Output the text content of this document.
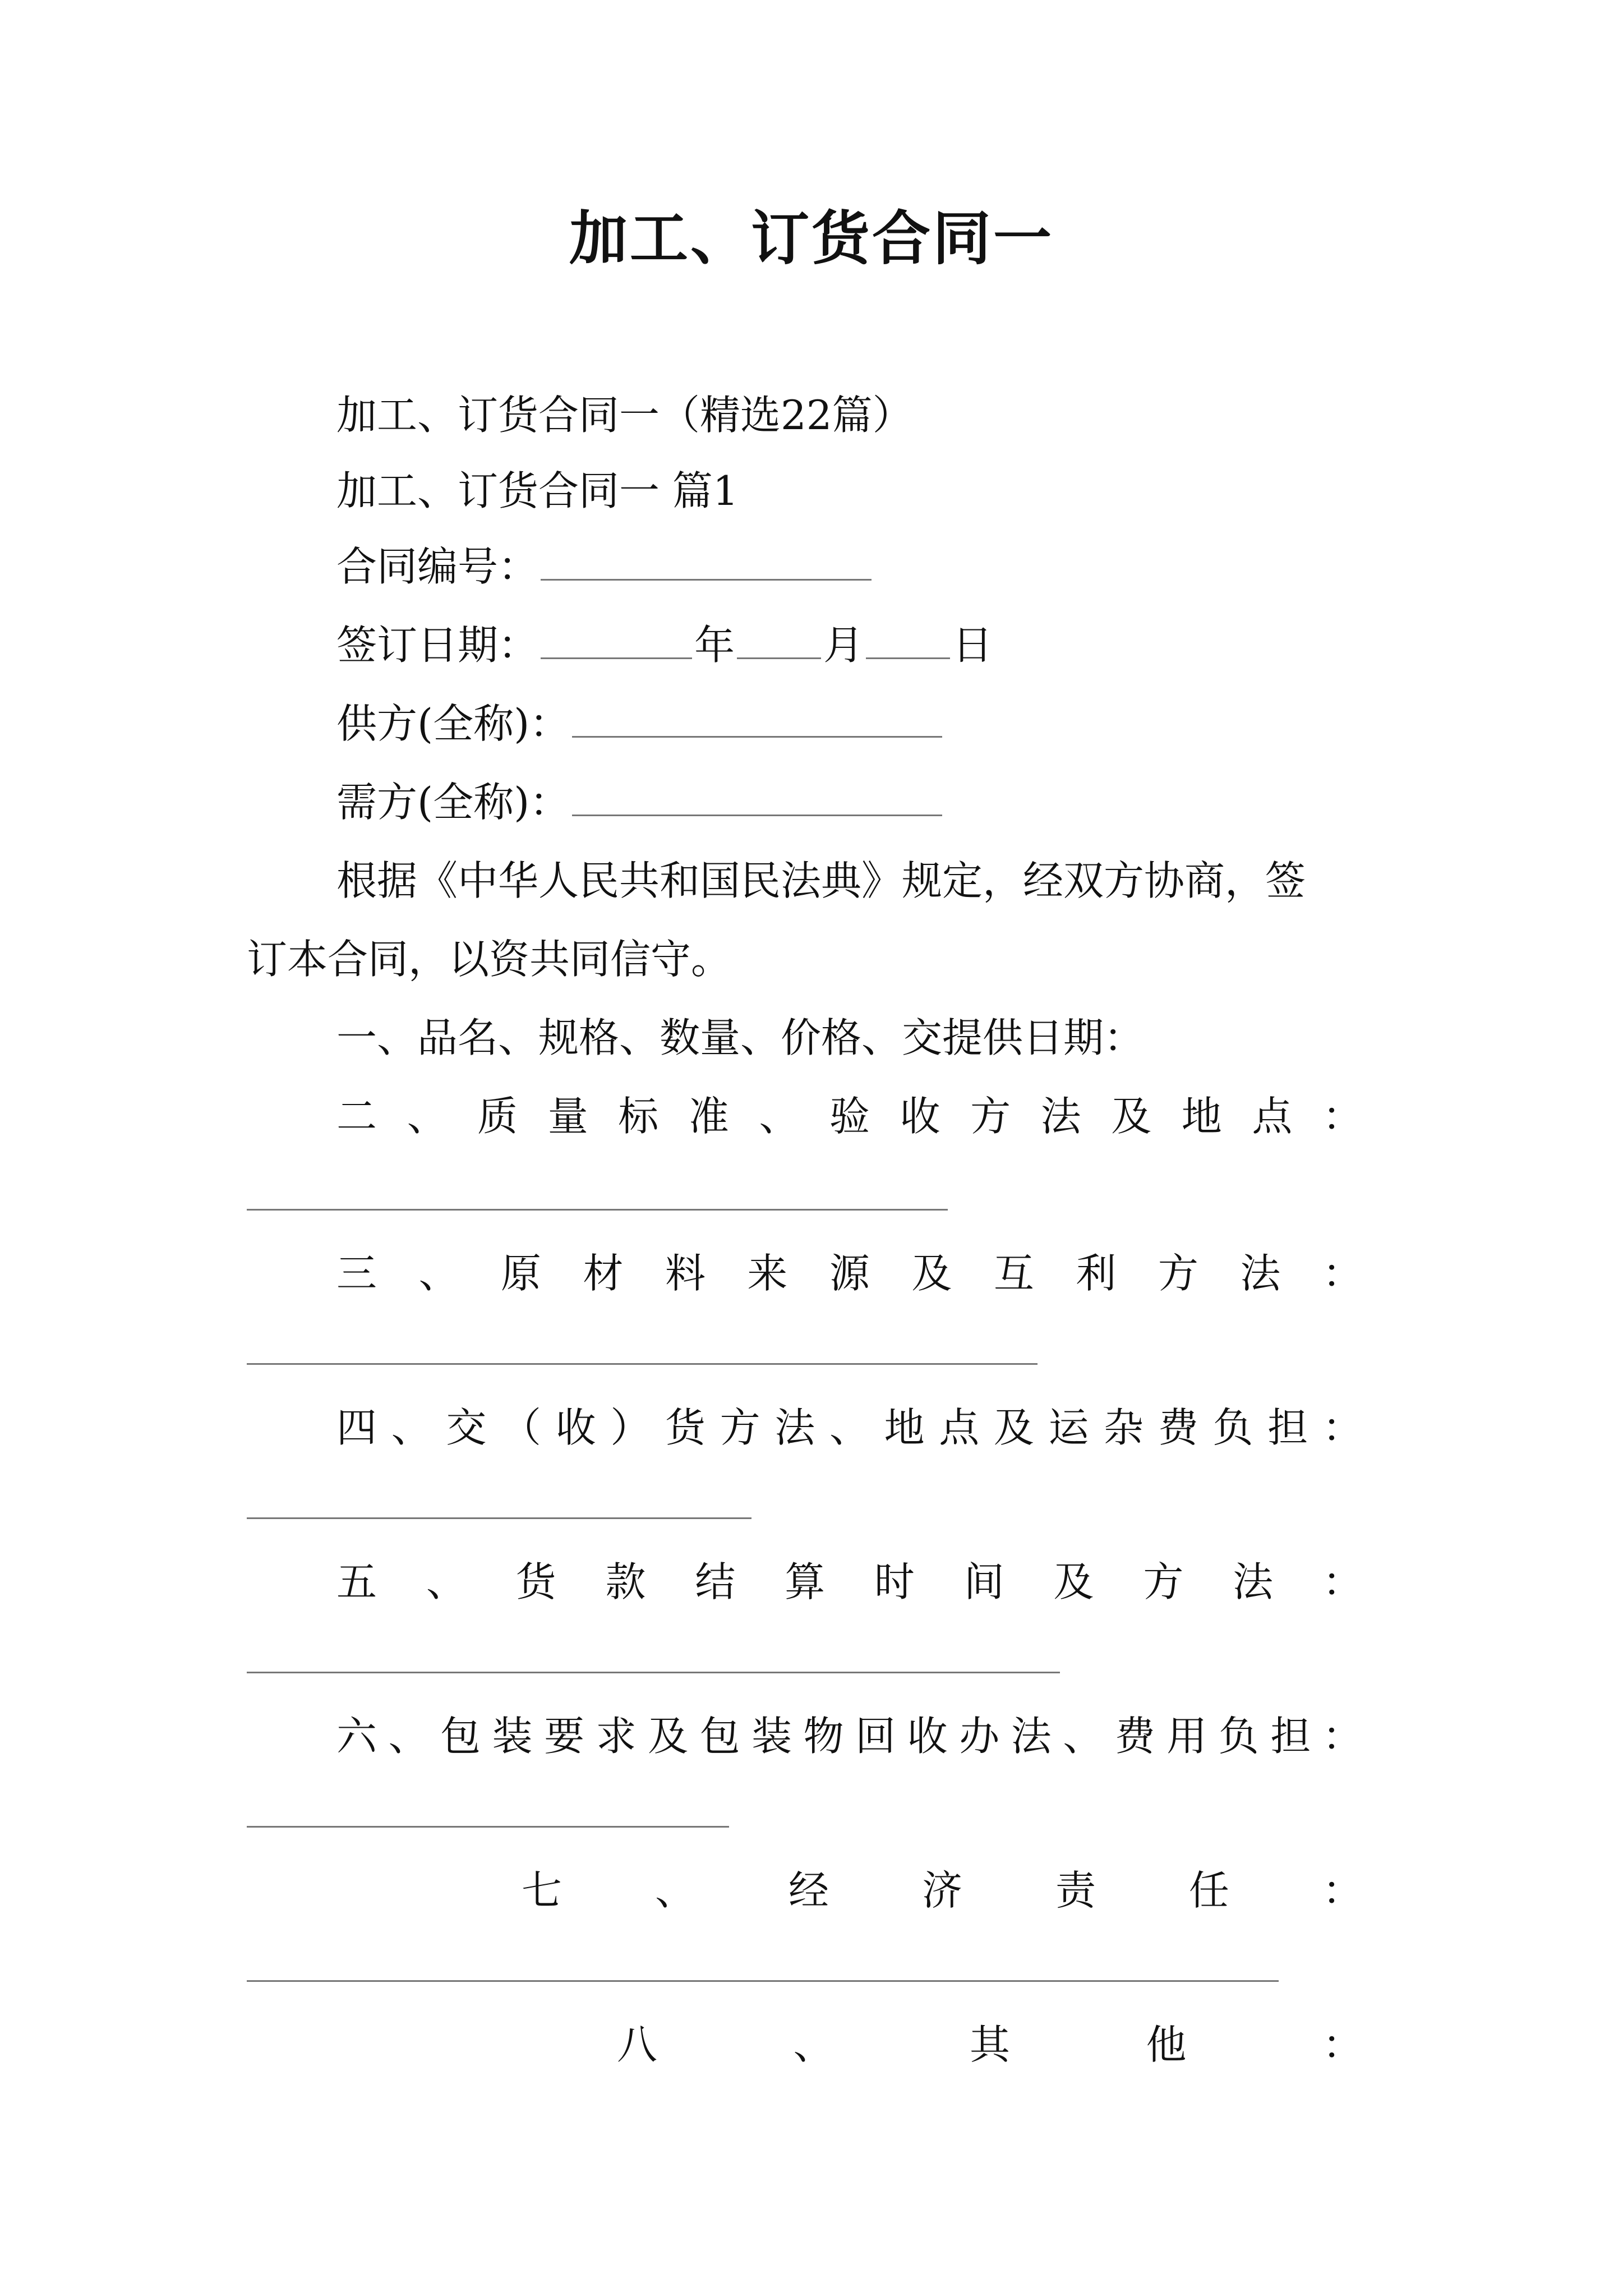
加工、订货合同一
加工、订货合同一（精选22篇）
加工、订货合同一 篇1
合同编号：
签订日期：	年 月 日
供方(全称)：
需方(全称)：
根据《中华人民共和国民法典》规定，经双方协商，签
订本合同，以资共同信守。
一、品名、规格、数量、价格、交提供日期：
二 、 质 量 标 准 、 验 收 方 法 及 地 点 ：
三 、 原 材 料 来 源 及 互 利 方 法 ：
四 、 交 （ 收 ） 货 方 法 、 地 点 及 运 杂 费 负 担 ：
五 、 货 款 结 算 时 间 及 方 法 ：
六 、 包 装 要 求 及 包 装 物 回 收 办 法 、 费 用 负 担 ：
七 、 经 济 责 任 ：
八	、	其	他	：
